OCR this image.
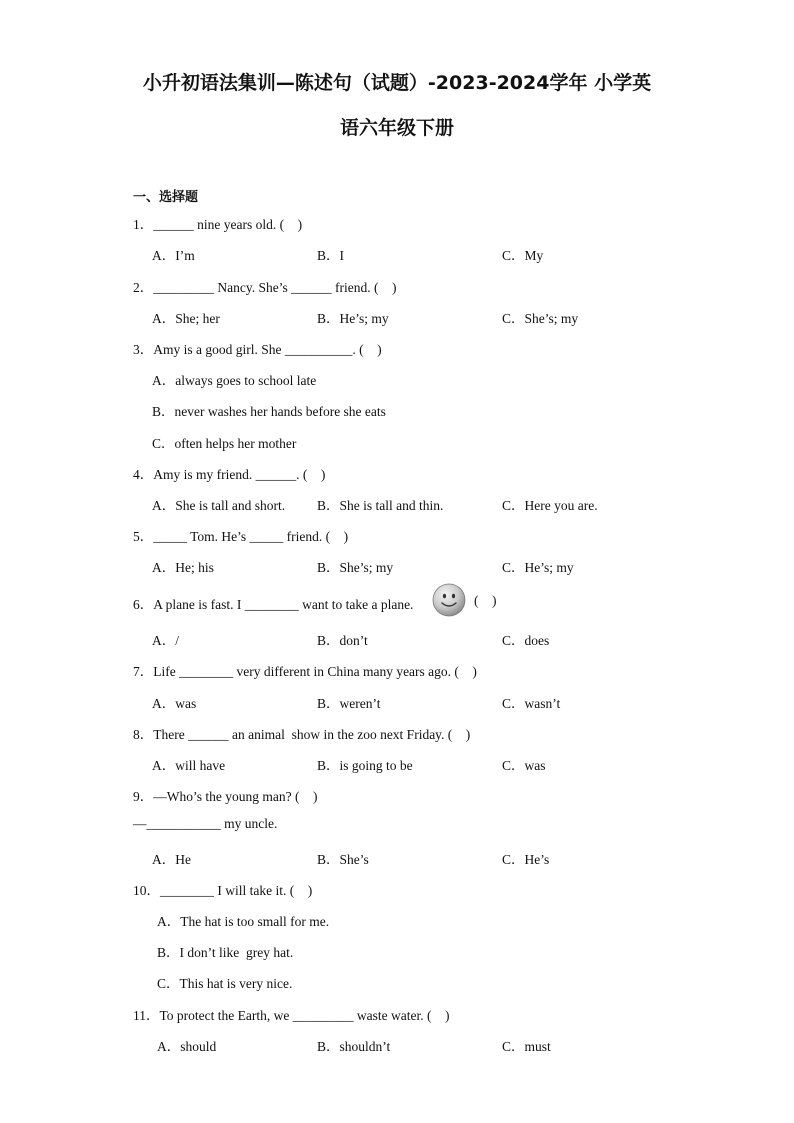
小升初语法集训—陈述句（试题）-2023-2024学年 小学英
语六年级下册
一、选择题
1．______ nine years old. (    )
A．I’m	B．I	C．My
2．_________ Nancy. She’s ______ friend. (    )
A．She; her	B．He’s; my	C．She’s; my
3．Amy is a good girl. She __________. (    )
A．always goes to school late
B．never washes her hands before she eats
C．often helps her mother
4．Amy is my friend. ______. (    )
A．She is tall and short. B．She is tall and thin.	C．Here you are.
5．_____ Tom. He’s _____ friend. (    )
A．He; his	B．She’s; my	C．He’s; my
6．A plane is fast. I ________ want to take a plane.	(    )
A．/	B．don’t	C．does
7．Life ________ very different in China many years ago. (    )
A．was	B．weren’t	C．wasn’t
8．There ______ an animal  show in the zoo next Friday. (    )
A．will have	B．is going to be	C．was
9．—Who’s the young man? (    )
—___________ my uncle.
A．He	B．She’s	C．He’s
10．________ I will take it. (    )
A．The hat is too small for me.
B．I don’t like  grey hat.
C．This hat is very nice.
11．To protect the Earth, we _________ waste water. (    )
A．should	B．shouldn’t	C．must
